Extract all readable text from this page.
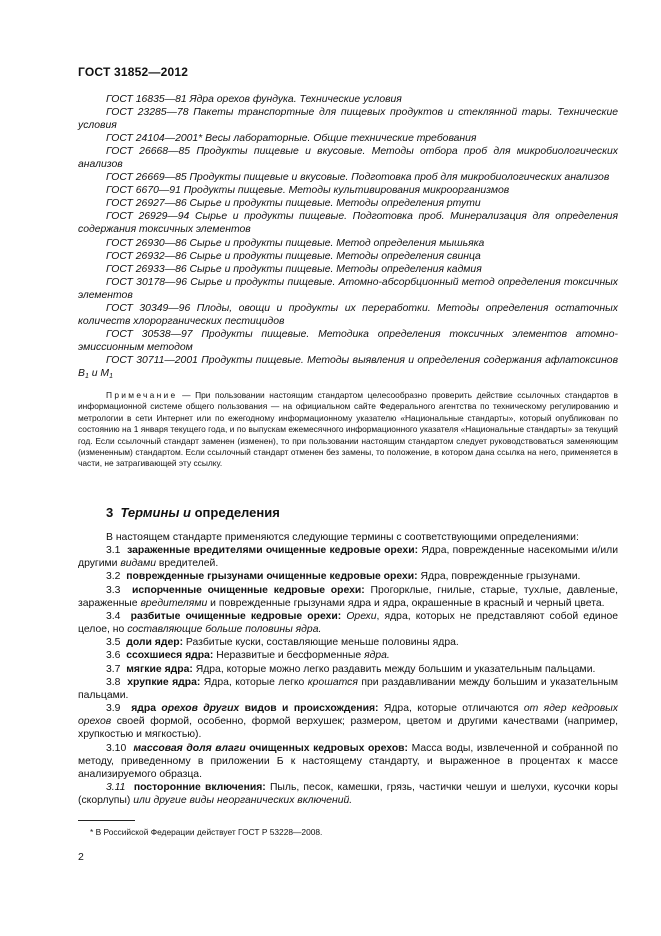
ГОСТ 31852—2012

ГОСТ 16835—81 Ядра орехов фундука. Технические условия

ГОСТ 23285—78 Пакеты транспортные для пищевых продуктов и стеклянной тары. Технические условия

ГОСТ 24104—2001* Весы лабораторные. Общие технические требования

ГОСТ 26668—85 Продукты пищевые и вкусовые. Методы отбора проб для микробиологических анализов

ГОСТ 26669—85 Продукты пищевые и вкусовые. Подготовка проб для микробиологических анализов

ГОСТ 6670—91 Продукты пищевые. Методы культивирования микроорганизмов

ГОСТ 26927—86 Сырье и продукты пищевые. Методы определения ртути

ГОСТ 26929—94 Сырье и продукты пищевые. Подготовка проб. Минерализация для определения содержания токсичных элементов

ГОСТ 26930—86 Сырье и продукты пищевые. Метод определения мышьяка

ГОСТ 26932—86 Сырье и продукты пищевые. Методы определения свинца

ГОСТ 26933—86 Сырье и продукты пищевые. Методы определения кадмия

ГОСТ 30178—96 Сырье и продукты пищевые. Атомно-абсорбционный метод определения токсичных элементов

ГОСТ 30349—96 Плоды, овощи и продукты их переработки. Методы определения остаточных количеств хлорорганических пестицидов

ГОСТ 30538—97 Продукты пищевые. Методика определения токсичных элементов атомно-эмиссионным методом

ГОСТ 30711—2001 Продукты пищевые. Методы выявления и определения содержания афлатоксинов $B_1$ и $M_1$

Примечание — При пользовании настоящим стандартом целесообразно проверить действие ссылочных стандартов в информационной системе общего пользования — на официальном сайте Федерального агентства по техническому регулированию и метрологии в сети Интернет или по ежегодному информационному указателю «Национальные стандарты», который опубликован по состоянию на 1 января текущего года, и по выпускам ежемесячного информационного указателя «Национальные стандарты» за текущий год. Если ссылочный стандарт заменен (изменен), то при пользовании настоящим стандартом следует руководствоваться заменяющим (измененным) стандартом. Если ссылочный стандарт отменен без замены, то положение, в котором дана ссылка на него, применяется в части, не затрагивающей эту ссылку.

3 Термины и определения

В настоящем стандарте применяются следующие термины с соответствующими определениями:

3.1 зараженные вредителями очищенные кедровые орехи: Ядра, поврежденные насекомыми и/или другими видами вредителей.

3.2 поврежденные грызунами очищенные кедровые орехи: Ядра, поврежденные грызунами.

3.3 испорченные очищенные кедровые орехи: Прогорклые, гнилые, старые, тухлые, давленые, зараженные вредителями и поврежденные грызунами ядра и ядра, окрашенные в красный и черный цвета.

3.4 разбитые очищенные кедровые орехи: Орехи, ядра, которых не представляют собой единое целое, но составляющие больше половины ядра.

3.5 доли ядер: Разбитые куски, составляющие меньше половины ядра.

3.6 ссохшиеся ядра: Неразвитые и бесформенные ядра.

3.7 мягкие ядра: Ядра, которые можно легко раздавить между большим и указательным пальцами.

3.8 хрупкие ядра: Ядра, которые легко крошатся при раздавливании между большим и указательным пальцами.

3.9 ядра орехов других видов и происхождения: Ядра, которые отличаются от ядер кедровых орехов своей формой, особенно, формой верхушек; размером, цветом и другими качествами (например, хрупкостью и мягкостью).

3.10 массовая доля влаги очищенных кедровых орехов: Масса воды, извлеченной и собранной по методу, приведенному в приложении Б к настоящему стандарту, и выраженное в процентах к массе анализируемого образца.

3.11 посторонние включения: Пыль, песок, камешки, грязь, частички чешуи и шелухи, кусочки коры (скорлупы) или другие виды неорганических включений.

* В Российской Федерации действует ГОСТ Р 53228—2008.
2
